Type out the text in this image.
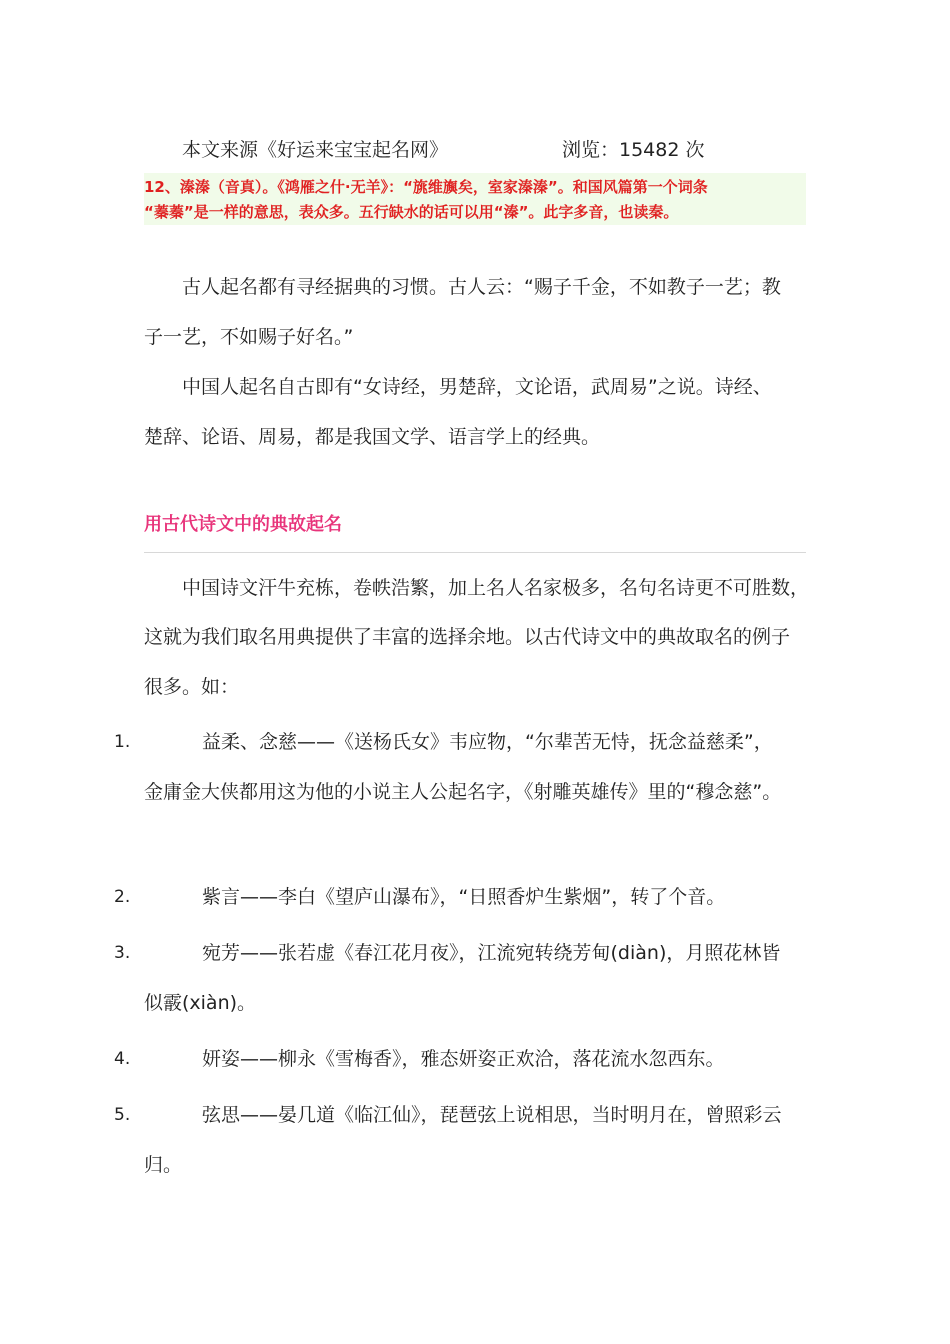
本文来源《好运来宝宝起名网》	浏览：15482 次
12、溱溱（音真）。《鸿雁之什·无羊》：“旐维旟矣，室家溱溱”。和国风篇第一个词条
“蓁蓁”是一样的意思，表众多。五行缺水的话可以用“溱”。此字多音，也读秦。
古人起名都有寻经据典的习惯。古人云：“赐子千金，不如教子一艺；教
子一艺，不如赐子好名。”
中国人起名自古即有“女诗经，男楚辞，文论语，武周易”之说。诗经、
楚辞、论语、周易，都是我国文学、语言学上的经典。
用古代诗文中的典故起名
中国诗文汗牛充栋，卷帙浩繁，加上名人名家极多，名句名诗更不可胜数，
这就为我们取名用典提供了丰富的选择余地。以古代诗文中的典故取名的例子
很多。如：
1.	益柔、念慈——《送杨氏女》韦应物，“尔辈苦无恃，抚念益慈柔”，
金庸金大侠都用这为他的小说主人公起名字，《射雕英雄传》里的“穆念慈”。
2.	紫言——李白《望庐山瀑布》，“日照香炉生紫烟”，转了个音。
3.	宛芳——张若虚《春江花月夜》，江流宛转绕芳甸(diàn)，月照花林皆
似霰(xiàn)。
4.	妍姿——柳永《雪梅香》，雅态妍姿正欢洽，落花流水忽西东。
5.	弦思——晏几道《临江仙》，琵琶弦上说相思，当时明月在，曾照彩云
归。
